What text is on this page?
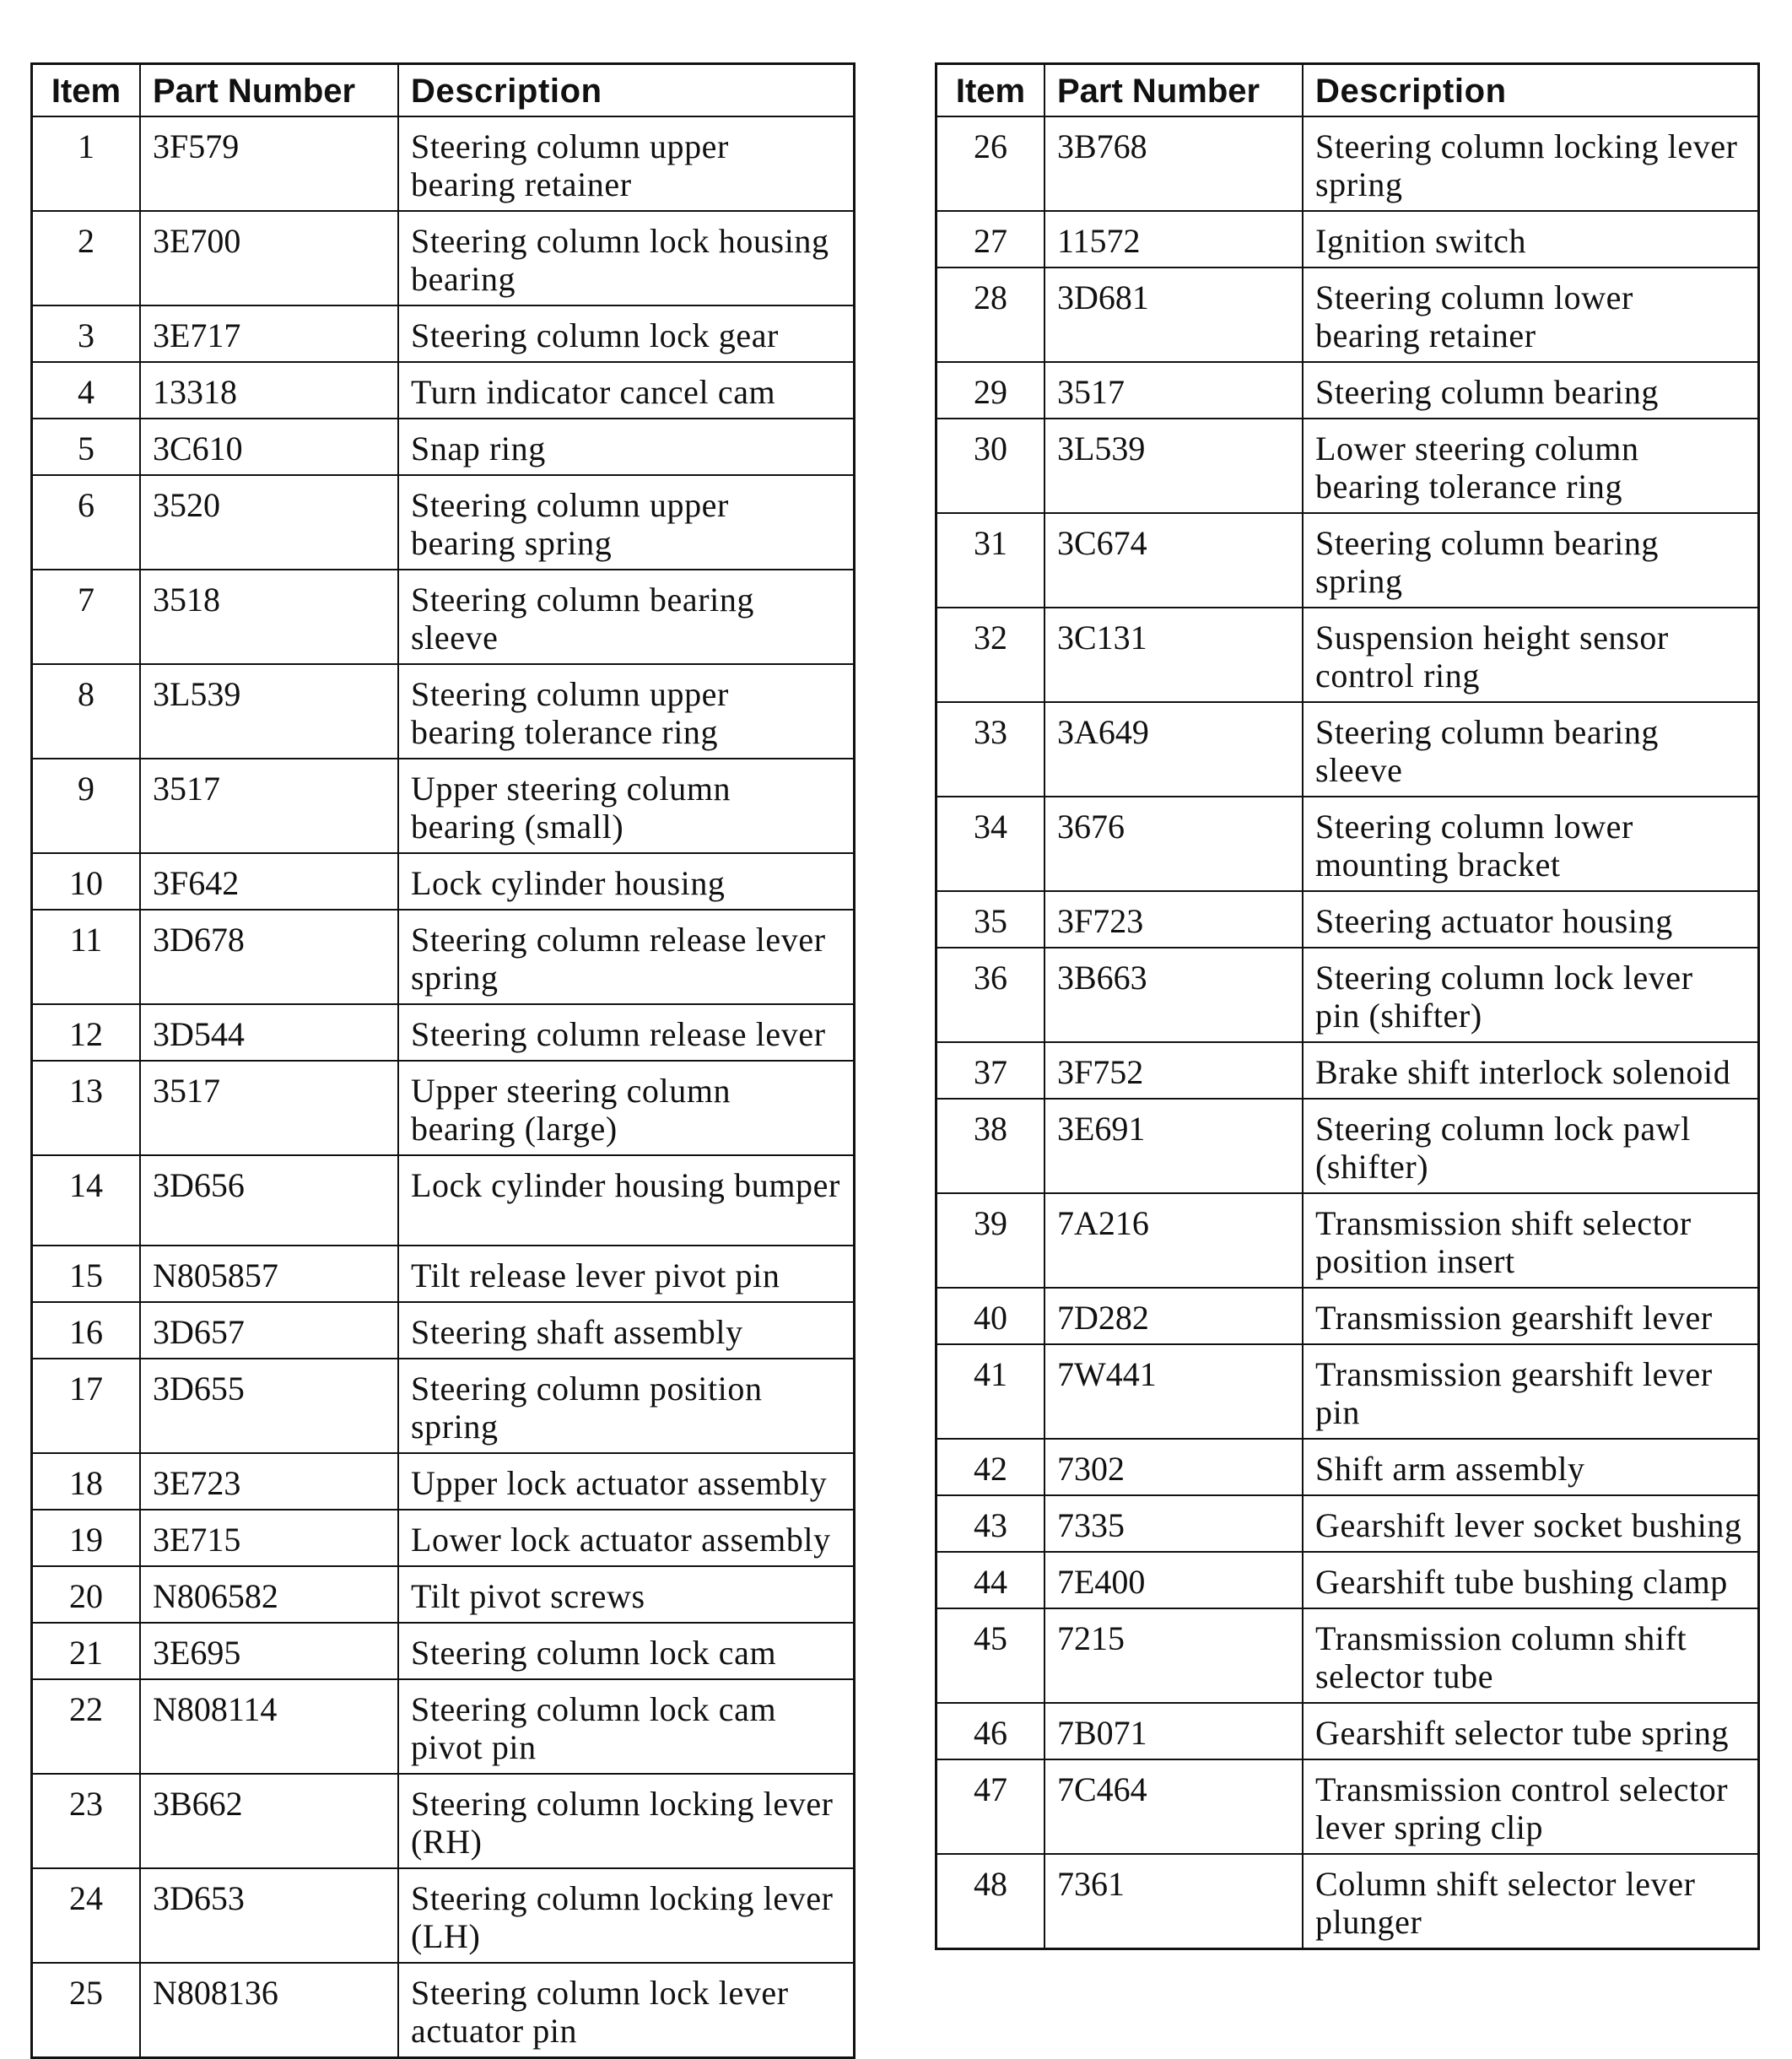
Item	Part Number	Description
1	3F579	Steering column upper bearing retainer
2	3E700	Steering column lock housing bearing
3	3E717	Steering column lock gear
4	13318	Turn indicator cancel cam
5	3C610	Snap ring
6	3520	Steering column upper bearing spring
7	3518	Steering column bearing sleeve
8	3L539	Steering column upper bearing tolerance ring
9	3517	Upper steering column bearing (small)
10	3F642	Lock cylinder housing
11	3D678	Steering column release lever spring
12	3D544	Steering column release lever
13	3517	Upper steering column bearing (large)
14	3D656	Lock cylinder housing bumper
15	N805857	Tilt release lever pivot pin
16	3D657	Steering shaft assembly
17	3D655	Steering column position spring
18	3E723	Upper lock actuator assembly
19	3E715	Lower lock actuator assembly
20	N806582	Tilt pivot screws
21	3E695	Steering column lock cam
22	N808114	Steering column lock cam pivot pin
23	3B662	Steering column locking lever (RH)
24	3D653	Steering column locking lever (LH)
25	N808136	Steering column lock lever actuator pin
Item	Part Number	Description
26	3B768	Steering column locking lever spring
27	11572	Ignition switch
28	3D681	Steering column lower bearing retainer
29	3517	Steering column bearing
30	3L539	Lower steering column bearing tolerance ring
31	3C674	Steering column bearing spring
32	3C131	Suspension height sensor control ring
33	3A649	Steering column bearing sleeve
34	3676	Steering column lower mounting bracket
35	3F723	Steering actuator housing
36	3B663	Steering column lock lever pin (shifter)
37	3F752	Brake shift interlock solenoid
38	3E691	Steering column lock pawl (shifter)
39	7A216	Transmission shift selector position insert
40	7D282	Transmission gearshift lever
41	7W441	Transmission gearshift lever pin
42	7302	Shift arm assembly
43	7335	Gearshift lever socket bushing
44	7E400	Gearshift tube bushing clamp
45	7215	Transmission column shift selector tube
46	7B071	Gearshift selector tube spring
47	7C464	Transmission control selector lever spring clip
48	7361	Column shift selector lever plunger
